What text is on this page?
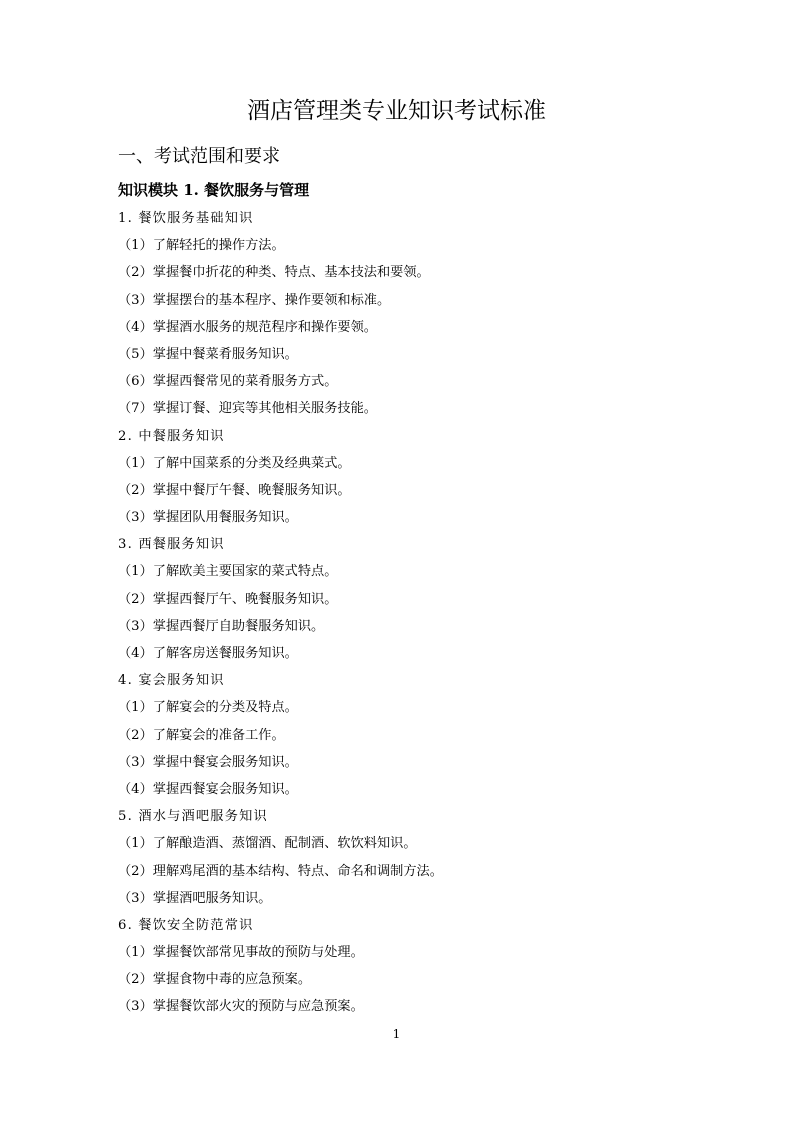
酒店管理类专业知识考试标准
一、考试范围和要求
知识模块 1. 餐饮服务与管理
1. 餐饮服务基础知识
（1）了解轻托的操作方法。
（2）掌握餐巾折花的种类、特点、基本技法和要领。
（3）掌握摆台的基本程序、操作要领和标准。
（4）掌握酒水服务的规范程序和操作要领。
（5）掌握中餐菜肴服务知识。
（6）掌握西餐常见的菜肴服务方式。
（7）掌握订餐、迎宾等其他相关服务技能。
2. 中餐服务知识
（1）了解中国菜系的分类及经典菜式。
（2）掌握中餐厅午餐、晚餐服务知识。
（3）掌握团队用餐服务知识。
3. 西餐服务知识
（1）了解欧美主要国家的菜式特点。
（2）掌握西餐厅午、晚餐服务知识。
（3）掌握西餐厅自助餐服务知识。
（4）了解客房送餐服务知识。
4. 宴会服务知识
（1）了解宴会的分类及特点。
（2）了解宴会的准备工作。
（3）掌握中餐宴会服务知识。
（4）掌握西餐宴会服务知识。
5. 酒水与酒吧服务知识
（1）了解酿造酒、蒸馏酒、配制酒、软饮料知识。
（2）理解鸡尾酒的基本结构、特点、命名和调制方法。
（3）掌握酒吧服务知识。
6. 餐饮安全防范常识
（1）掌握餐饮部常见事故的预防与处理。
（2）掌握食物中毒的应急预案。
（3）掌握餐饮部火灾的预防与应急预案。
1
